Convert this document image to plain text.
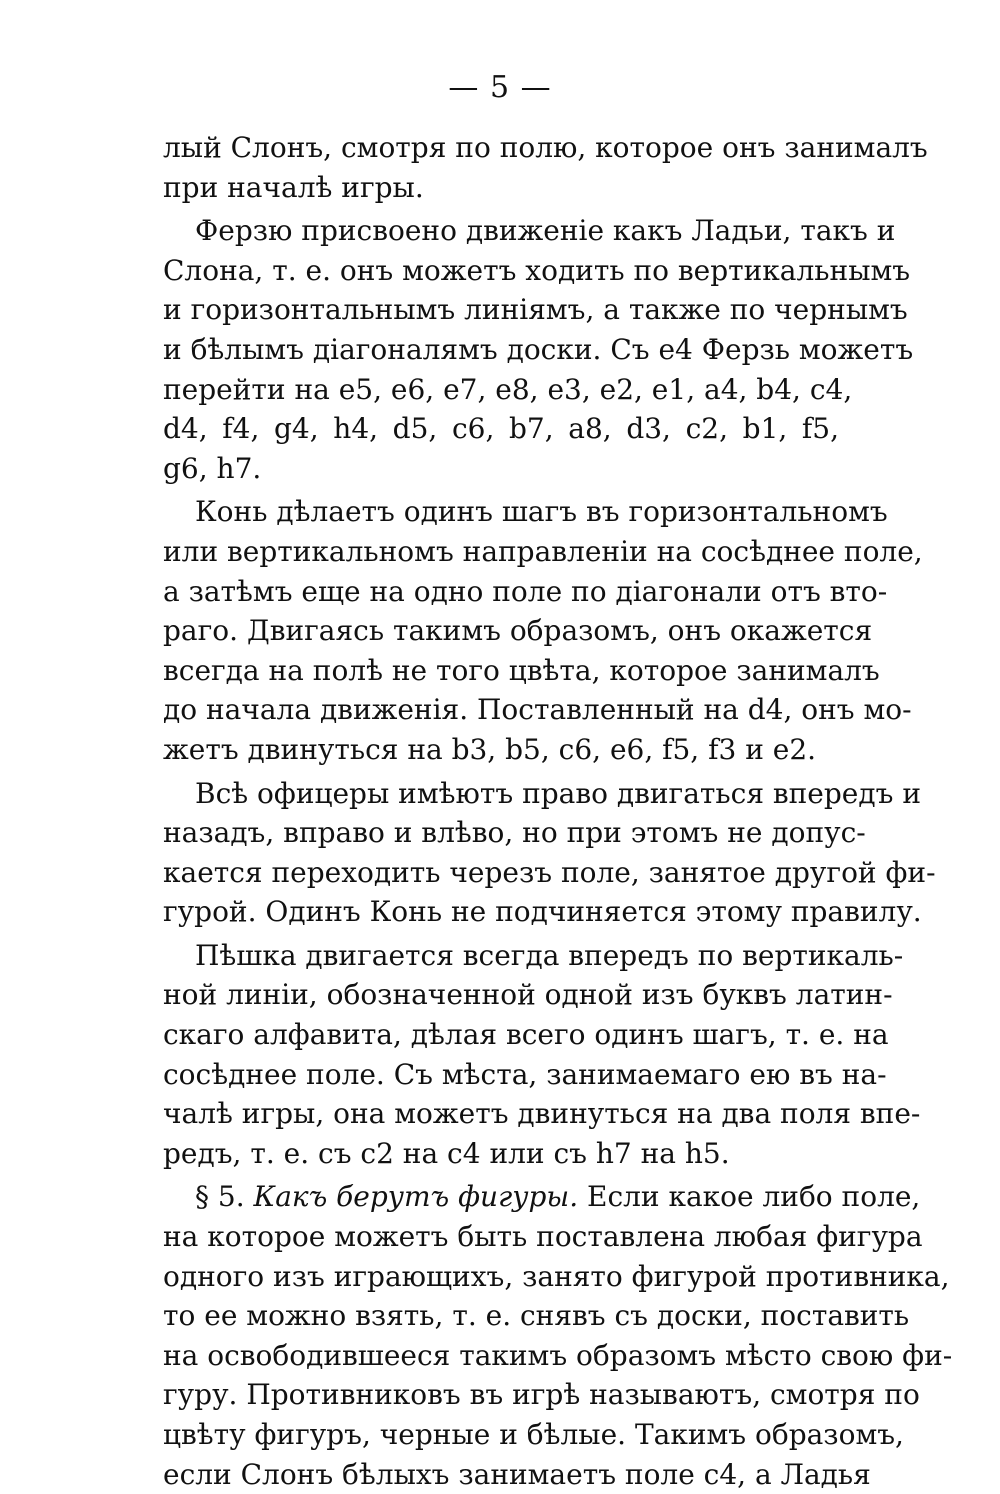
— 5 —
лый Слонъ, смотря по полю, которое онъ занималъ
при началѣ игры.
Ферзю присвоено движеніе какъ Ладьи, такъ и
Слона, т. е. онъ можетъ ходить по вертикальнымъ
и горизонтальнымъ линіямъ, а также по чернымъ
и бѣлымъ діагоналямъ доски. Съ е4 Ферзь можетъ
перейти на е5, е6, е7, е8, е3, е2, е1, а4, b4, c4,
d4, f4, g4, h4, d5, c6, b7, a8, d3, c2, b1, f5,
g6, h7.
Конь дѣлаетъ одинъ шагъ въ горизонтальномъ
или вертикальномъ направленіи на сосѣднее поле,
а затѣмъ еще на одно поле по діагонали отъ вто-
раго. Двигаясь такимъ образомъ, онъ окажется
всегда на полѣ не того цвѣта, которое занималъ
до начала движенія. Поставленный на d4, онъ мо-
жетъ двинуться на b3, b5, c6, e6, f5, f3 и e2.
Всѣ офицеры имѣютъ право двигаться впередъ и
назадъ, вправо и влѣво, но при этомъ не допус-
кается переходить черезъ поле, занятое другой фи-
гурой. Одинъ Конь не подчиняется этому правилу.
Пѣшка двигается всегда впередъ по вертикаль-
ной линіи, обозначенной одной изъ буквъ латин-
скаго алфавита, дѣлая всего одинъ шагъ, т. е. на
сосѣднее поле. Съ мѣста, занимаемаго ею въ на-
чалѣ игры, она можетъ двинуться на два поля впе-
редъ, т. е. съ c2 на c4 или съ h7 на h5.
§ 5. Какъ берутъ фигуры. Если какое либо поле,
на которое можетъ быть поставлена любая фигура
одного изъ играющихъ, занято фигурой противника,
то ее можно взять, т. е. снявъ съ доски, поставить
на освободившееся такимъ образомъ мѣсто свою фи-
гуру. Противниковъ въ игрѣ называютъ, смотря по
цвѣту фигуръ, черные и бѣлые. Такимъ образомъ,
если Слонъ бѣлыхъ занимаетъ поле c4, а Ладья
